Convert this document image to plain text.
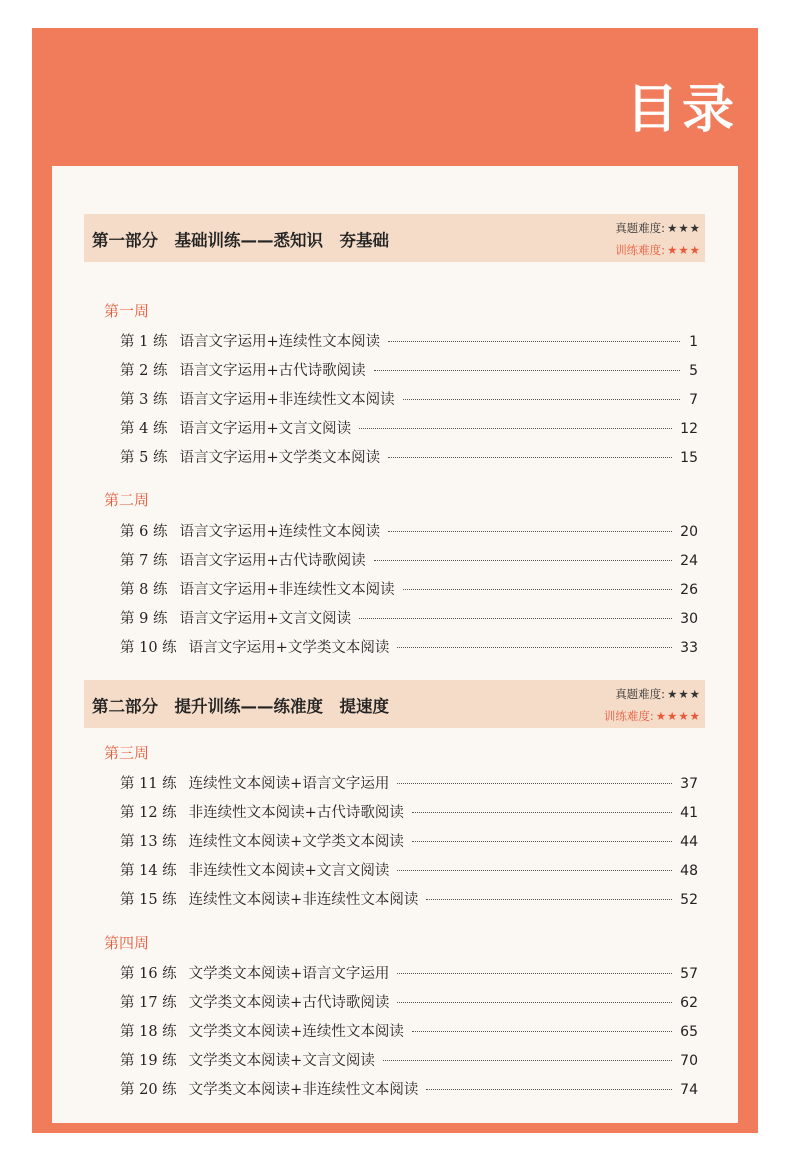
目录
第一部分　基础训练——悉知识　夯基础
真题难度: ★★★
训练难度: ★★★
第一周
第 1 练 语言文字运用+连续性文本阅读	1
第 2 练 语言文字运用+古代诗歌阅读	5
第 3 练 语言文字运用+非连续性文本阅读	7
第 4 练 语言文字运用+文言文阅读	12
第 5 练 语言文字运用+文学类文本阅读	15
第二周
第 6 练 语言文字运用+连续性文本阅读	20
第 7 练 语言文字运用+古代诗歌阅读	24
第 8 练 语言文字运用+非连续性文本阅读	26
第 9 练 语言文字运用+文言文阅读	30
第 10 练 语言文字运用+文学类文本阅读	33
第二部分　提升训练——练准度　提速度
真题难度: ★★★
训练难度: ★★★★
第三周
第 11 练 连续性文本阅读+语言文字运用	37
第 12 练 非连续性文本阅读+古代诗歌阅读	41
第 13 练 连续性文本阅读+文学类文本阅读	44
第 14 练 非连续性文本阅读+文言文阅读	48
第 15 练 连续性文本阅读+非连续性文本阅读	52
第四周
第 16 练 文学类文本阅读+语言文字运用	57
第 17 练 文学类文本阅读+古代诗歌阅读	62
第 18 练 文学类文本阅读+连续性文本阅读	65
第 19 练 文学类文本阅读+文言文阅读	70
第 20 练 文学类文本阅读+非连续性文本阅读	74
